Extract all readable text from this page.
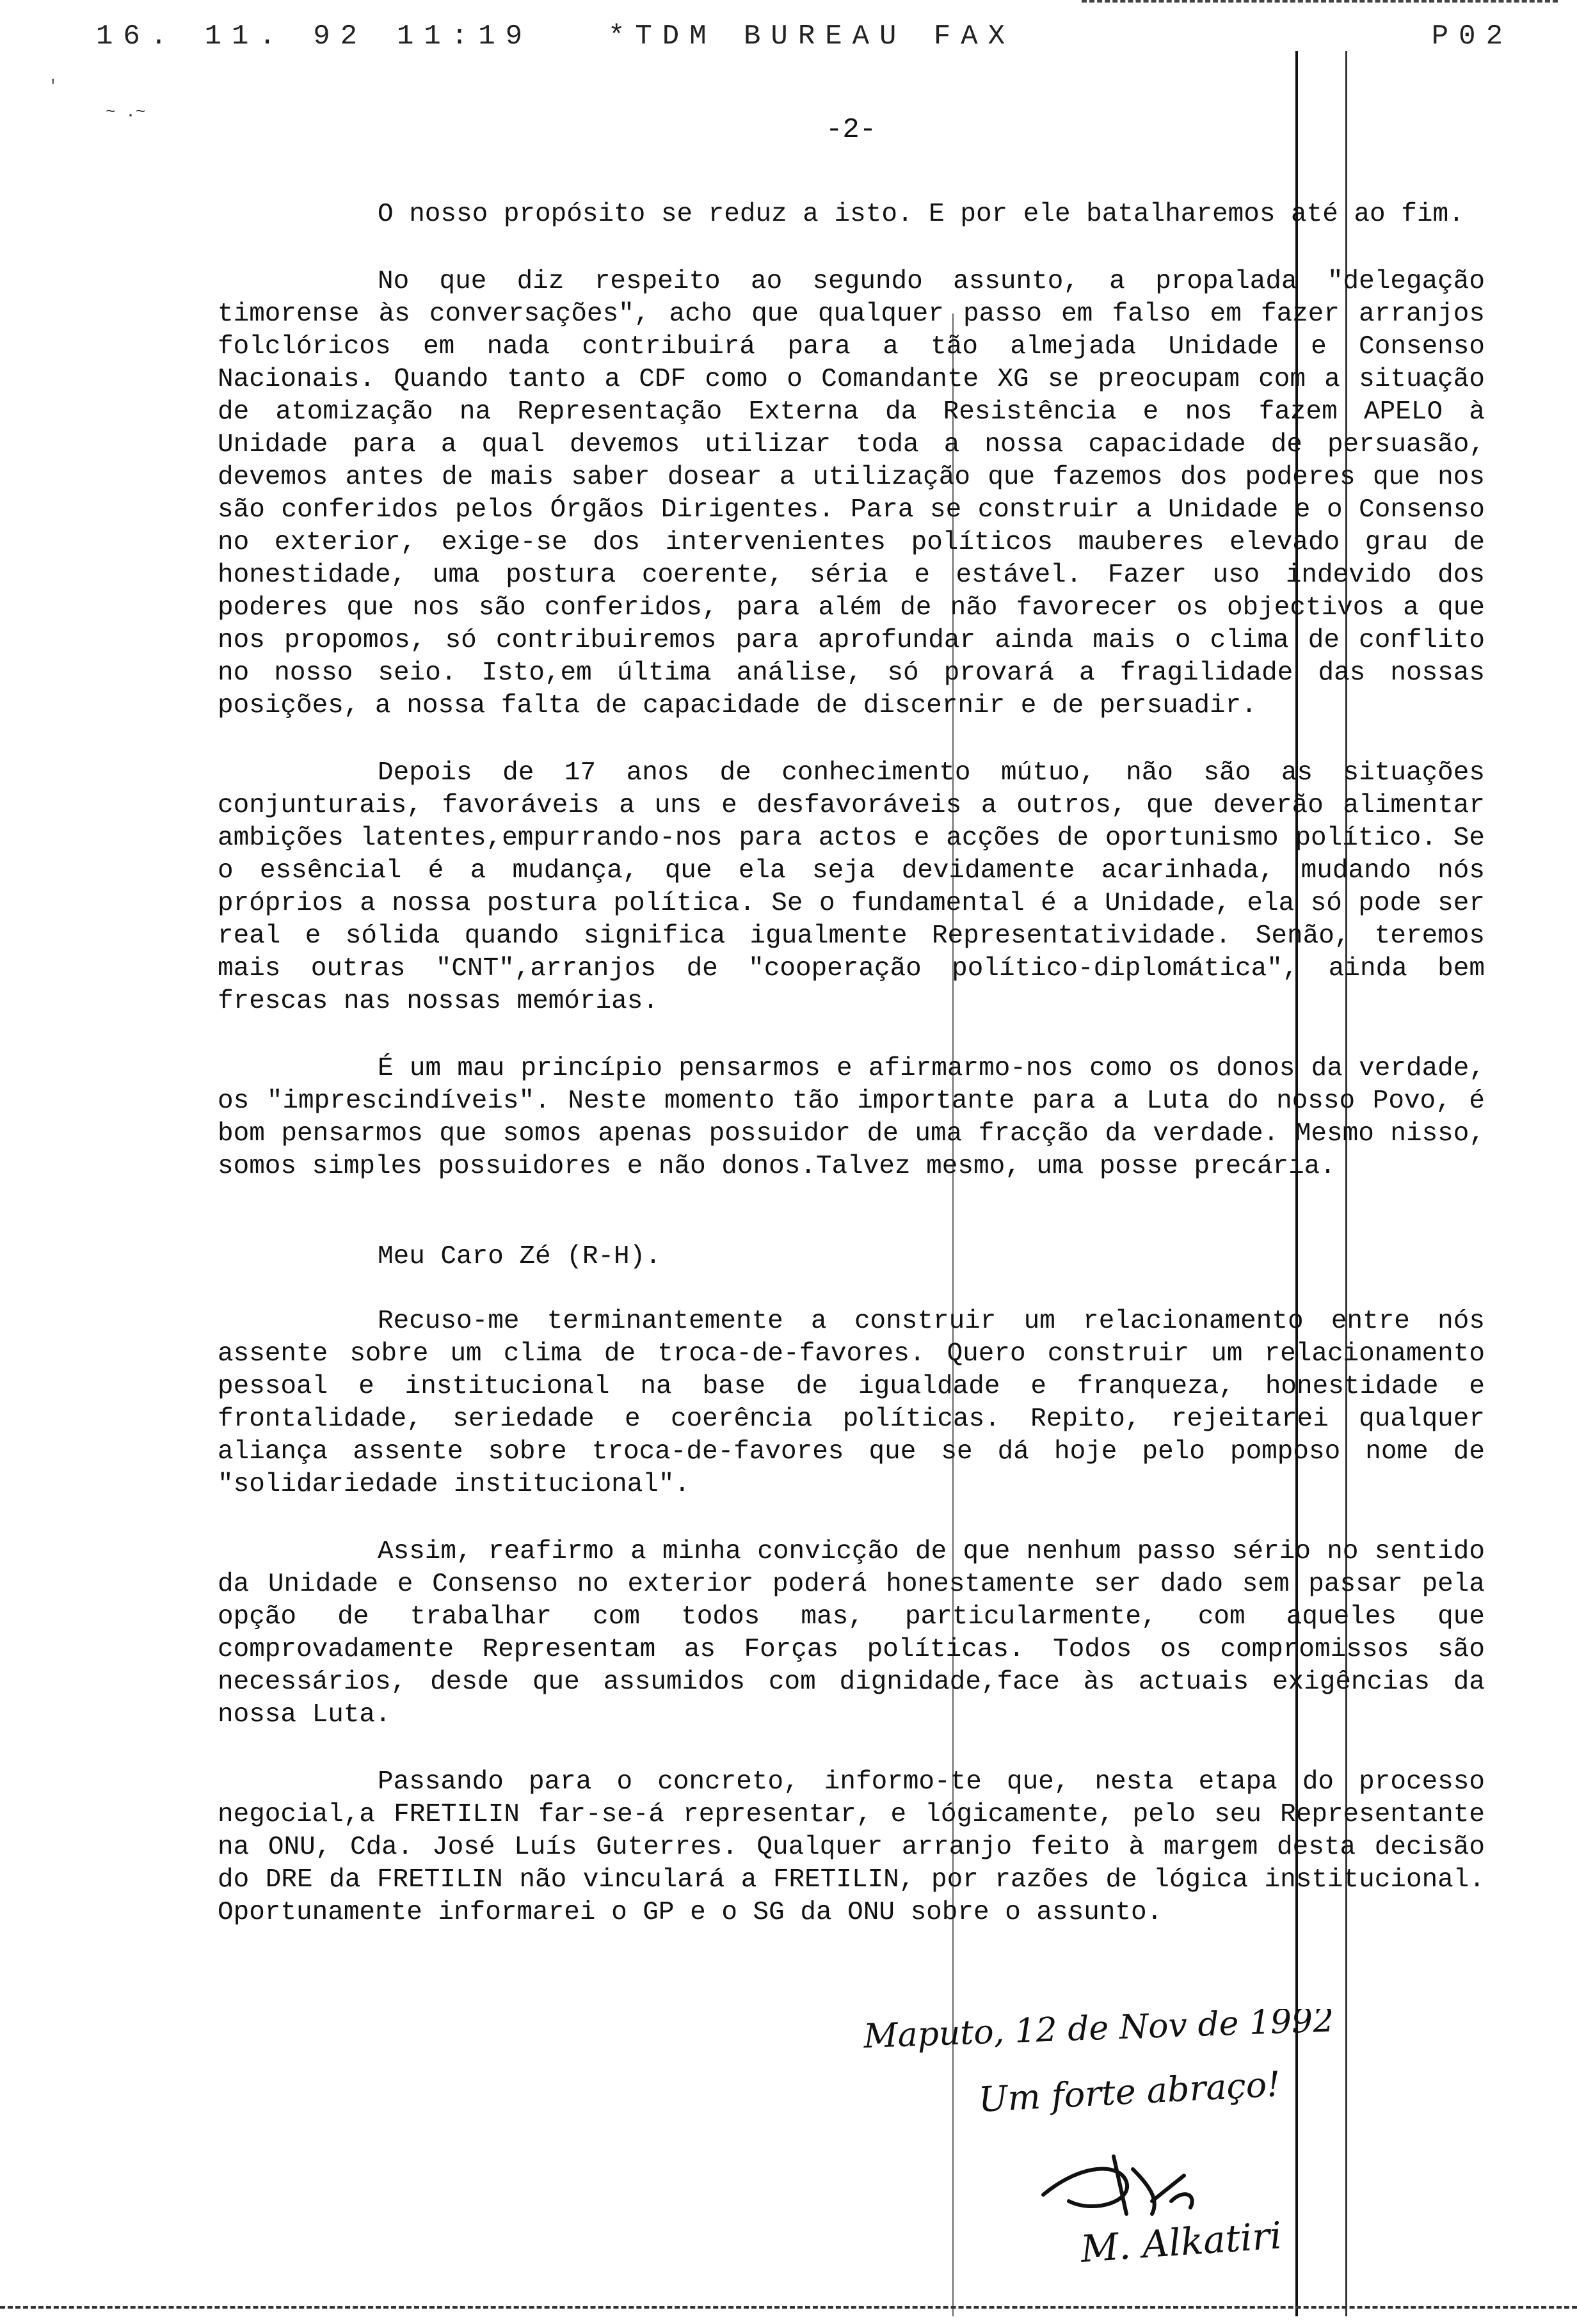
16. 11. 92 11:19	*TDM BUREAU FAX	P02
'
~ .~
-2-

O nosso propósito se reduz a isto. E por ele batalharemos até ao fim.

No que diz respeito ao segundo assunto, a propalada "delegação timorense às conversações", acho que qualquer passo em falso em fazer arranjos folclóricos em nada contribuirá para a tão almejada Unidade e Consenso Nacionais. Quando tanto a CDF como o Comandante XG se preocupam com a situação de atomização na Representação Externa da Resistência e nos fazem APELO à Unidade para a qual devemos utilizar toda a nossa capacidade de persuasão, devemos antes de mais saber dosear a utilização que fazemos dos poderes que nos são conferidos pelos Órgãos Dirigentes. Para se construir a Unidade e o Consenso no exterior, exige-se dos intervenientes políticos mauberes elevado grau de honestidade, uma postura coerente, séria e estável. Fazer uso indevido dos poderes que nos são conferidos, para além de não favorecer os objectivos a que nos propomos, só contribuiremos para aprofundar ainda mais o clima de conflito no nosso seio. Isto,em última análise, só provará a fragilidade das nossas posições, a nossa falta de capacidade de discernir e de persuadir.

Depois de 17 anos de conhecimento mútuo, não são as situações conjunturais, favoráveis a uns e desfavoráveis a outros, que deverão alimentar ambições latentes,empurrando-nos para actos e acções de oportunismo político. Se o essêncial é a mudança, que ela seja devidamente acarinhada, mudando nós próprios a nossa postura política. Se o fundamental é a Unidade, ela só pode ser real e sólida quando significa igualmente Representatividade. Senão, teremos mais outras "CNT",arranjos de "cooperação político-diplomática", ainda bem frescas nas nossas memórias.

É um mau princípio pensarmos e afirmarmo-nos como os donos da verdade, os "imprescindíveis". Neste momento tão importante para a Luta do nosso Povo, é bom pensarmos que somos apenas possuidor de uma fracção da verdade. Mesmo nisso, somos simples possuidores e não donos.Talvez mesmo, uma posse precária.

Meu Caro Zé (R-H).

Recuso-me terminantemente a construir um relacionamento entre nós assente sobre um clima de troca-de-favores. Quero construir um relacionamento pessoal e institucional na base de igualdade e franqueza, honestidade e frontalidade, seriedade e coerência políticas. Repito, rejeitarei qualquer aliança assente sobre troca-de-favores que se dá hoje pelo pomposo nome de "solidariedade institucional".

Assim, reafirmo a minha convicção de que nenhum passo sério no sentido da Unidade e Consenso no exterior poderá honestamente ser dado sem passar pela opção de trabalhar com todos mas, particularmente, com aqueles que comprovadamente Representam as Forças políticas. Todos os compromissos são necessários, desde que assumidos com dignidade,face às actuais exigências da nossa Luta.

Passando para o concreto, informo-te que, nesta etapa do processo negocial,a FRETILIN far-se-á representar, e lógicamente, pelo seu Representante na ONU, Cda. José Luís Guterres. Qualquer arranjo feito à margem desta decisão do DRE da FRETILIN não vinculará a FRETILIN, por razões de lógica institucional. Oportunamente informarei o GP e o SG da ONU sobre o assunto.

Maputo, 12 de Nov de 1992
Um forte abraço!
M. Alkatiri
